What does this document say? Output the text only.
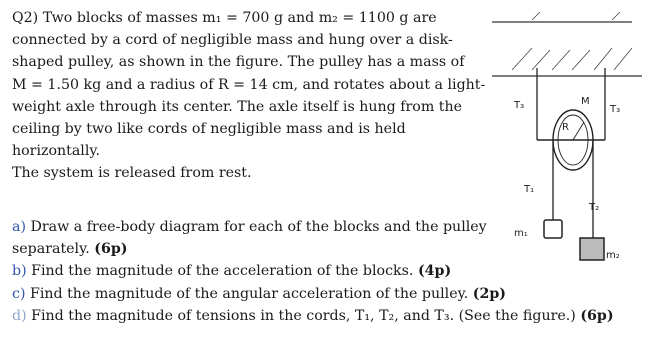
Q2) Two blocks of masses m₁ = 700 g and m₂ = 1100 g are

connected by a cord of negligible mass and hung over a disk-

shaped pulley, as shown in the figure. The pulley has a mass of

M = 1.50 kg and a radius of R = 14 cm, and rotates about a light-

weight axle through its center. The axle itself is hung from the

ceiling by two like cords of negligible mass and is held horizontally.

The system is released from rest.

a) Draw a free-body diagram for each of the blocks and the pulley
separately. (6p)
b) Find the magnitude of the acceleration of the blocks. (4p)
c) Find the magnitude of the angular acceleration of the pulley. (2p)
d) Find the magnitude of tensions in the cords, T₁, T₂, and T₃. (See the figure.) (6p)
T₃	T₃
M
R
T₁
T₂
m₁
m₂
